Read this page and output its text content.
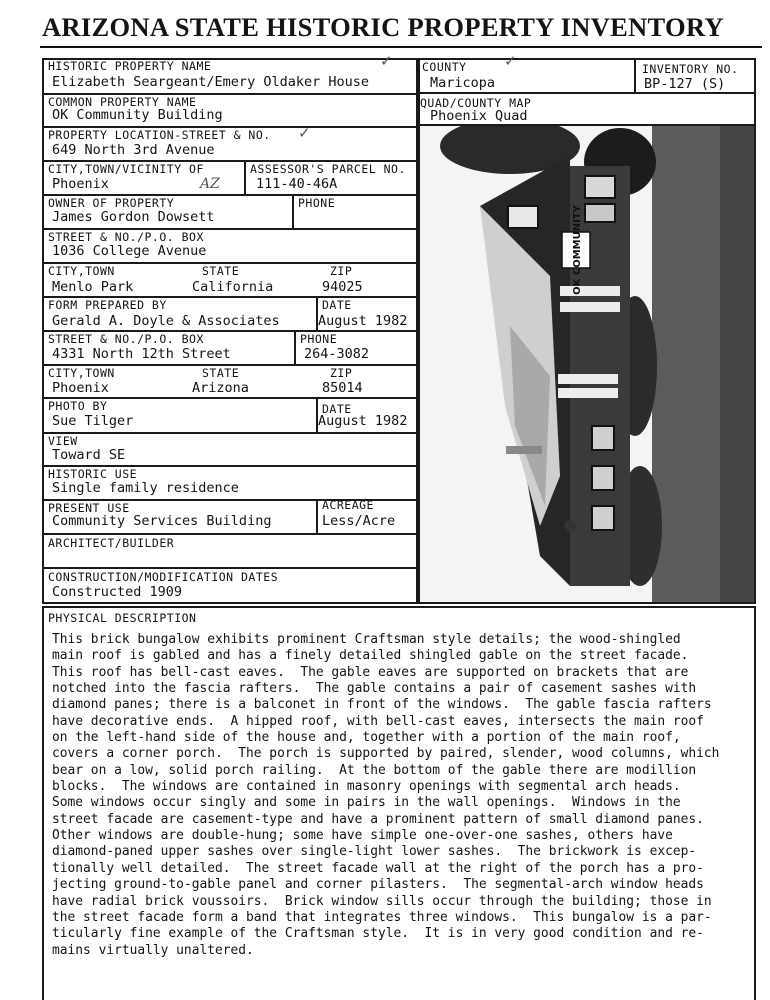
ARIZONA STATE HISTORIC PROPERTY INVENTORY
HISTORIC PROPERTY NAME
Elizabeth Seargeant/Emery Oldaker House
✓
COMMON PROPERTY NAME
OK Community Building
PROPERTY LOCATION-STREET & NO.
649 North 3rd Avenue
✓
CITY,TOWN/VICINITY OF
Phoenix	AZ
ASSESSOR'S PARCEL NO.
111-40-46A
OWNER OF PROPERTY
James Gordon Dowsett
PHONE
STREET & NO./P.O. BOX
1036 College Avenue
CITY,TOWN
Menlo Park
STATE
California
ZIP
94025
FORM PREPARED BY
Gerald A. Doyle & Associates
DATE
August 1982
STREET & NO./P.O. BOX
4331 North 12th Street
PHONE
264-3082
CITY,TOWN
Phoenix
STATE
Arizona
ZIP
85014
PHOTO BY
Sue Tilger
DATE
August 1982
VIEW
Toward SE
HISTORIC USE
Single family residence
PRESENT USE
Community Services Building
ACREAGE
Less/Acre
ARCHITECT/BUILDER
CONSTRUCTION/MODIFICATION DATES
Constructed 1909
COUNTY
Maricopa
✓	INVENTORY NO.
BP-127 (S)
QUAD/COUNTY MAP
Phoenix Quad
OK COMMUNITY
PHYSICAL DESCRIPTION
This brick bungalow exhibits prominent Craftsman style details; the wood-shingled
main roof is gabled and has a finely detailed shingled gable on the street facade.
This roof has bell-cast eaves.  The gable eaves are supported on brackets that are
notched into the fascia rafters.  The gable contains a pair of casement sashes with
diamond panes; there is a balconet in front of the windows.  The gable fascia rafters
have decorative ends.  A hipped roof, with bell-cast eaves, intersects the main roof
on the left-hand side of the house and, together with a portion of the main roof,
covers a corner porch.  The porch is supported by paired, slender, wood columns, which
bear on a low, solid porch railing.  At the bottom of the gable there are modillion
blocks.  The windows are contained in masonry openings with segmental arch heads.
Some windows occur singly and some in pairs in the wall openings.  Windows in the
street facade are casement-type and have a prominent pattern of small diamond panes.
Other windows are double-hung; some have simple one-over-one sashes, others have
diamond-paned upper sashes over single-light lower sashes.  The brickwork is excep-
tionally well detailed.  The street facade wall at the right of the porch has a pro-
jecting ground-to-gable panel and corner pilasters.  The segmental-arch window heads
have radial brick voussoirs.  Brick window sills occur through the building; those in
the street facade form a band that integrates three windows.  This bungalow is a par-
ticularly fine example of the Craftsman style.  It is in very good condition and re-
mains virtually unaltered.
